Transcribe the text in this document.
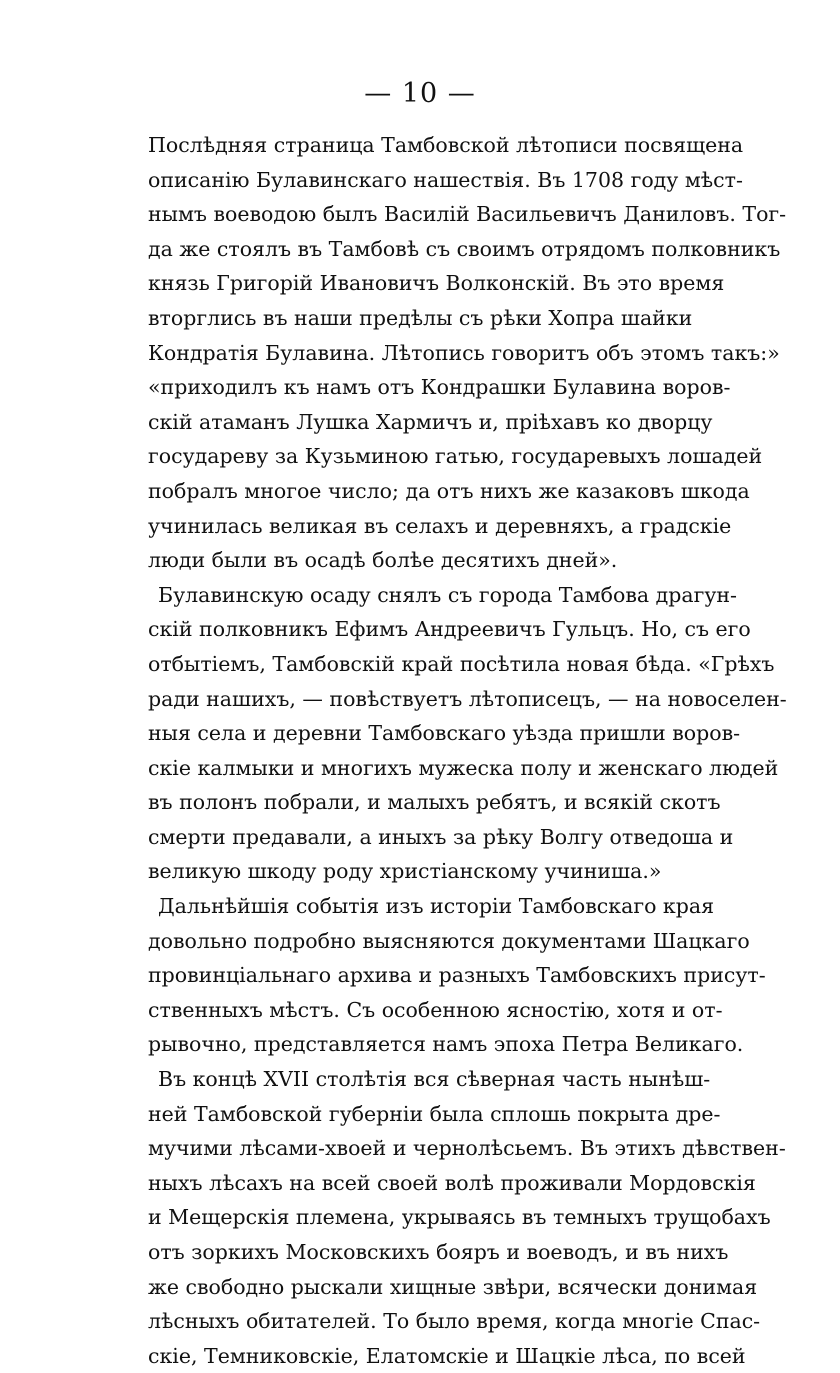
— 10 —
Послѣдняя страница Тамбовской лѣтописи посвящена
описанію Булавинскаго нашествія. Въ 1708 году мѣст-
нымъ воеводою былъ Василій Васильевичъ Даниловъ. Тог-
да же стоялъ въ Тамбовѣ съ своимъ отрядомъ полковникъ
князь Григорій Ивановичъ Волконскій. Въ это время
вторглись въ наши предѣлы съ рѣки Хопра шайки
Кондратія Булавина. Лѣтопись говоритъ объ этомъ такъ:»
«приходилъ къ намъ отъ Кондрашки Булавина воров-
скій атаманъ Лушка Хармичъ и, пріѣхавъ ко дворцу
государеву за Кузьминою гатью, государевыхъ лошадей
побралъ многое число; да отъ нихъ же казаковъ шкода
учинилась великая въ селахъ и деревняхъ, а градскіе
люди были въ осадѣ болѣе десятихъ дней».
Булавинскую осаду снялъ съ города Тамбова драгун-
скій полковникъ Ефимъ Андреевичъ Гульцъ. Но, съ его
отбытіемъ, Тамбовскій край посѣтила новая бѣда. «Грѣхъ
ради нашихъ, — повѣствуетъ лѣтописецъ, — на новоселен-
ныя села и деревни Тамбовскаго уѣзда пришли воров-
скіе калмыки и многихъ мужеска полу и женскаго людей
въ полонъ побрали, и малыхъ ребятъ, и всякій скотъ
смерти предавали, а иныхъ за рѣку Волгу отведоша и
великую шкоду роду христіанскому учиниша.»
Дальнѣйшія событія изъ исторіи Тамбовскаго края
довольно подробно выясняются документами Шацкаго
провинціальнаго архива и разныхъ Тамбовскихъ присут-
ственныхъ мѣстъ. Съ особенною ясностію, хотя и от-
рывочно, представляется намъ эпоха Петра Великаго.
Въ концѣ XVII столѣтія вся сѣверная часть нынѣш-
ней Тамбовской губерніи была сплошь покрыта дре-
мучими лѣсами-хвоей и чернолѣсьемъ. Въ этихъ дѣвствен-
ныхъ лѣсахъ на всей своей волѣ проживали Мордовскія
и Мещерскія племена, укрываясь въ темныхъ трущобахъ
отъ зоркихъ Московскихъ бояръ и воеводъ, и въ нихъ
же свободно рыскали хищные звѣри, всячески донимая
лѣсныхъ обитателей. То было время, когда многіе Спас-
скіе, Темниковскіе, Елатомскіе и Шацкіе лѣса, по всей
